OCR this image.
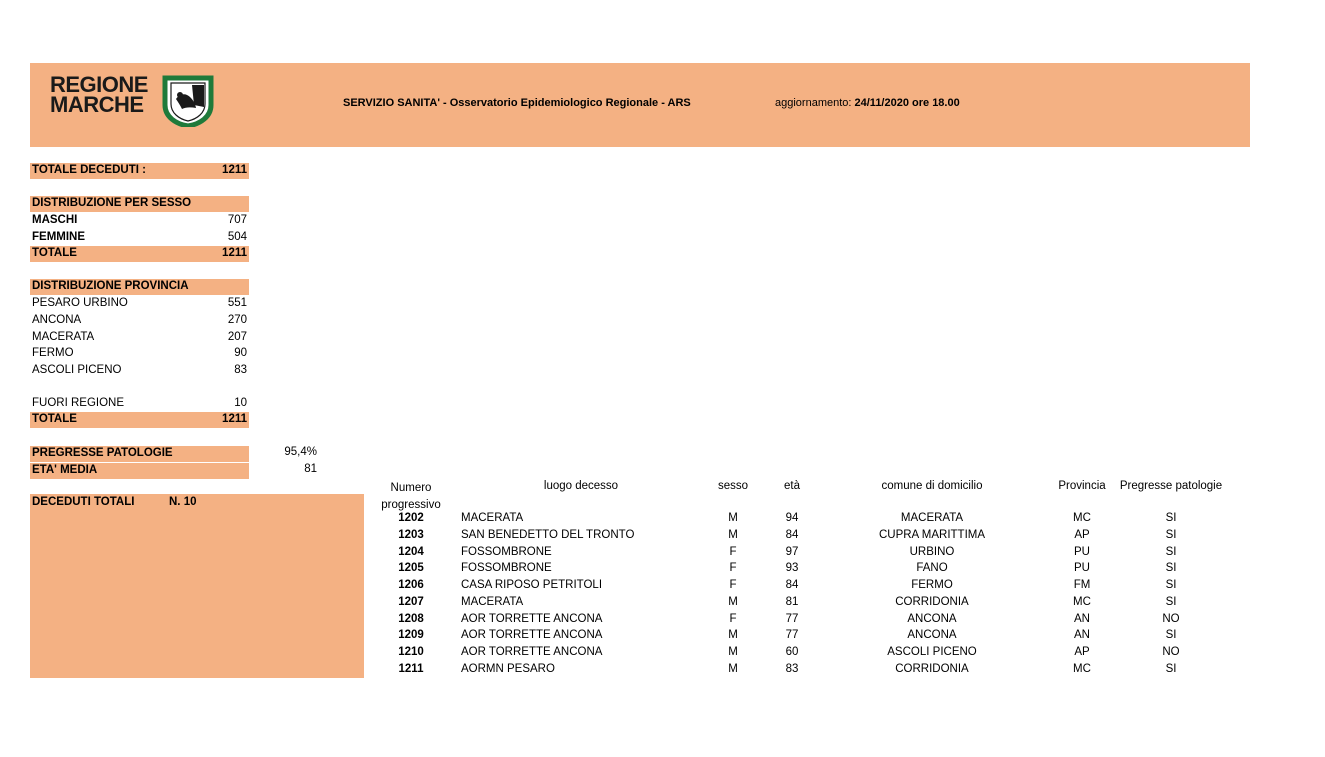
REGIONE
MARCHE	SERVIZIO SANITA' - Osservatorio Epidemiologico Regionale - ARS	aggiornamento: 24/11/2020 ore 18.00
TOTALE DECEDUTI :	1211
DISTRIBUZIONE PER SESSO
MASCHI	707
FEMMINE	504
TOTALE	1211
DISTRIBUZIONE PROVINCIA
PESARO URBINO	551
ANCONA	270
MACERATA	207
FERMO	90
ASCOLI PICENO	83
FUORI REGIONE	10
TOTALE	1211
PREGRESSE PATOLOGIE	95,4%
ETA' MEDIA	81
DECEDUTI TOTALI	N. 10
Numero
progressivo
luogo decesso	sesso	età	comune di domicilio	Provincia	Pregresse patologie
1202	MACERATA	M	94	MACERATA	MC	SI
1203	SAN BENEDETTO DEL TRONTO	M	84	CUPRA MARITTIMA	AP	SI
1204	FOSSOMBRONE	F	97	URBINO	PU	SI
1205	FOSSOMBRONE	F	93	FANO	PU	SI
1206	CASA RIPOSO PETRITOLI	F	84	FERMO	FM	SI
1207	MACERATA	M	81	CORRIDONIA	MC	SI
1208	AOR TORRETTE ANCONA	F	77	ANCONA	AN	NO
1209	AOR TORRETTE ANCONA	M	77	ANCONA	AN	SI
1210	AOR TORRETTE ANCONA	M	60	ASCOLI PICENO	AP	NO
1211	AORMN PESARO	M	83	CORRIDONIA	MC	SI
